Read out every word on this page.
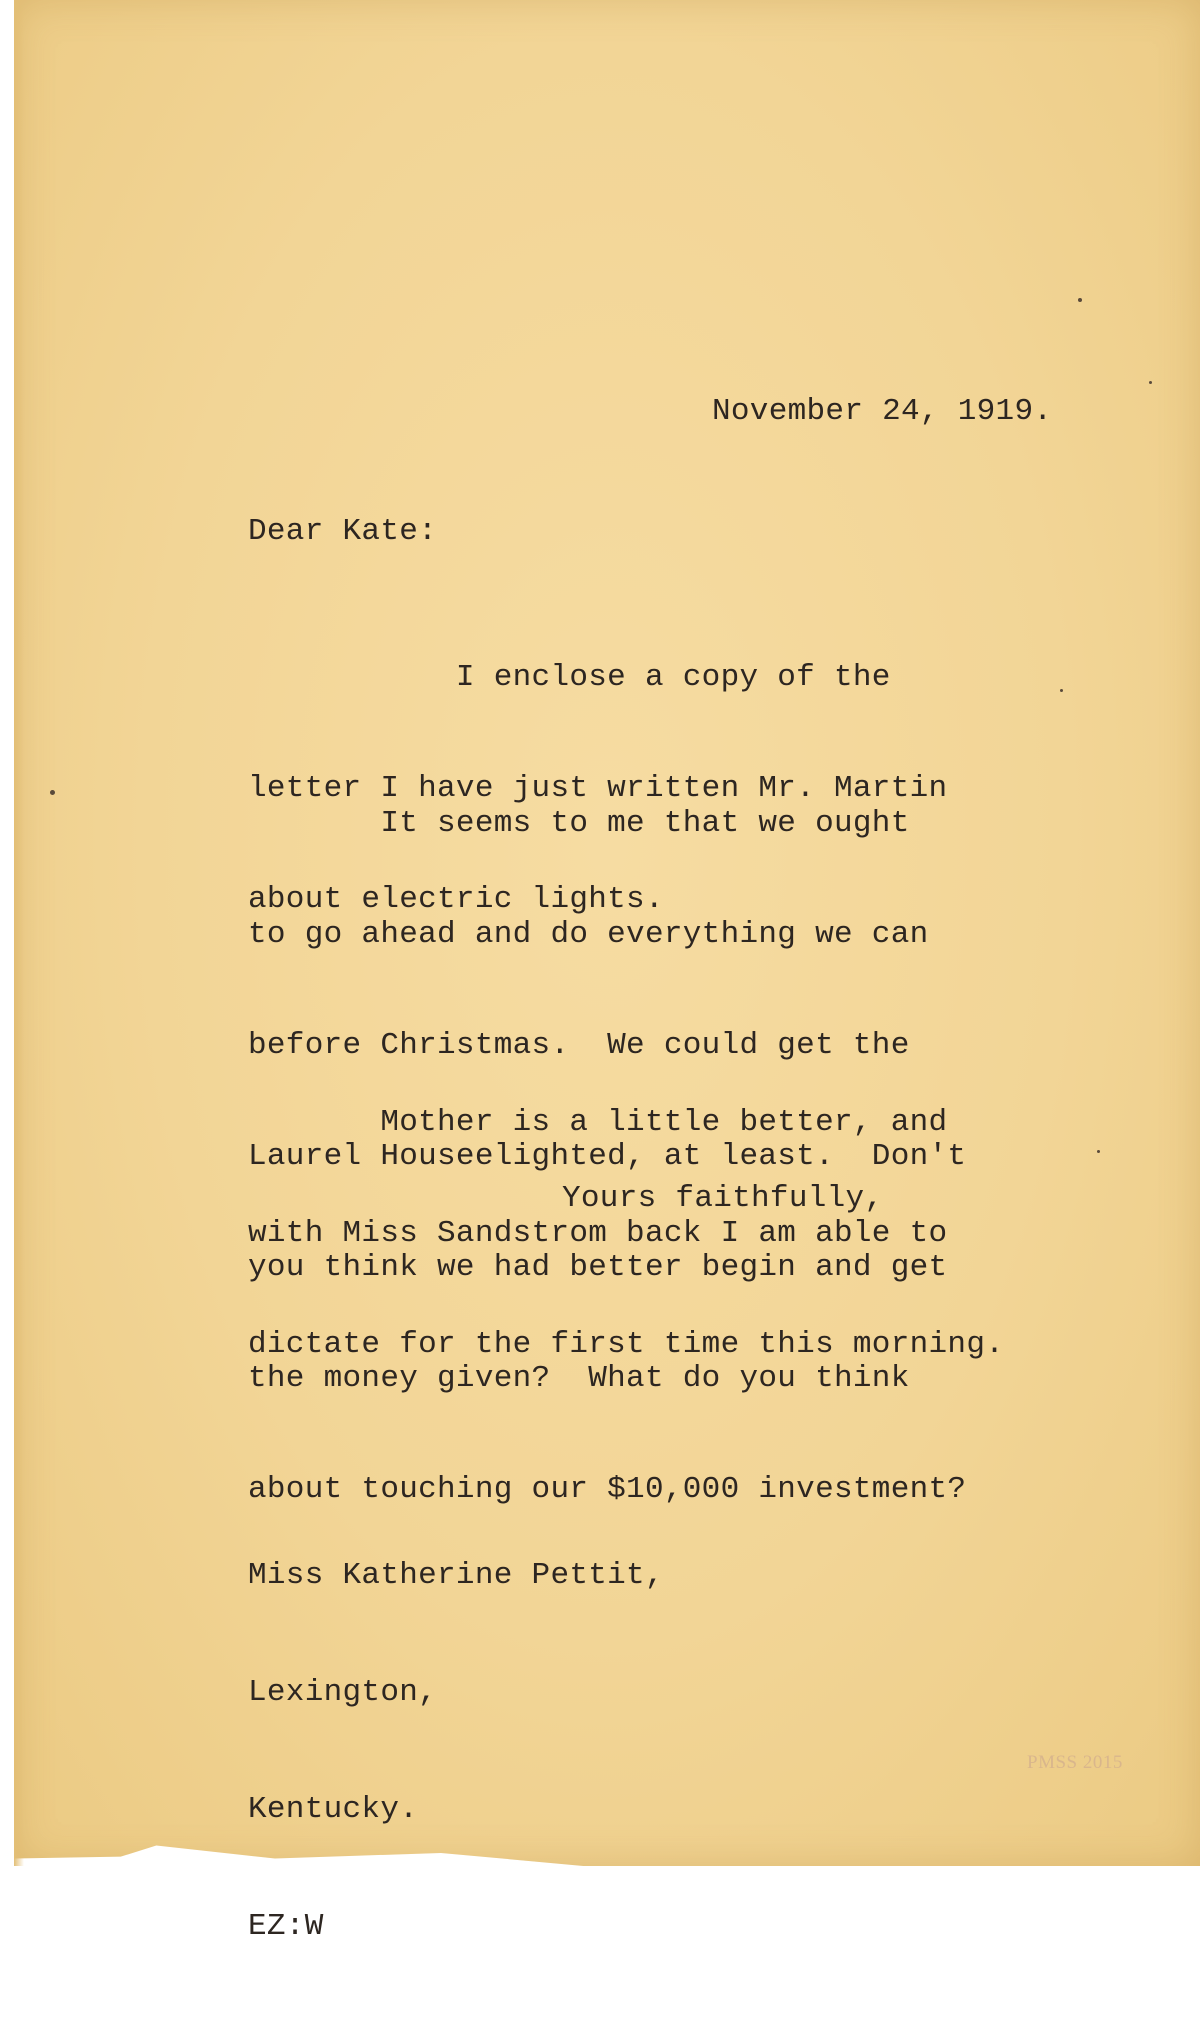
November 24, 1919.

Dear Kate:

I enclose a copy of the

letter I have just written Mr. Martin

about electric lights.

It seems to me that we ought

to go ahead and do everything we can

before Christmas.  We could get the

Laurel Houseelighted, at least.  Don't

you think we had better begin and get

the money given?  What do you think

about touching our $10,000 investment?

Mother is a little better, and

with Miss Sandstrom back I am able to

dictate for the first time this morning.

Yours faithfully,

Miss Katherine Pettit,

Lexington,

Kentucky.

EZ:W

PMSS 2015
